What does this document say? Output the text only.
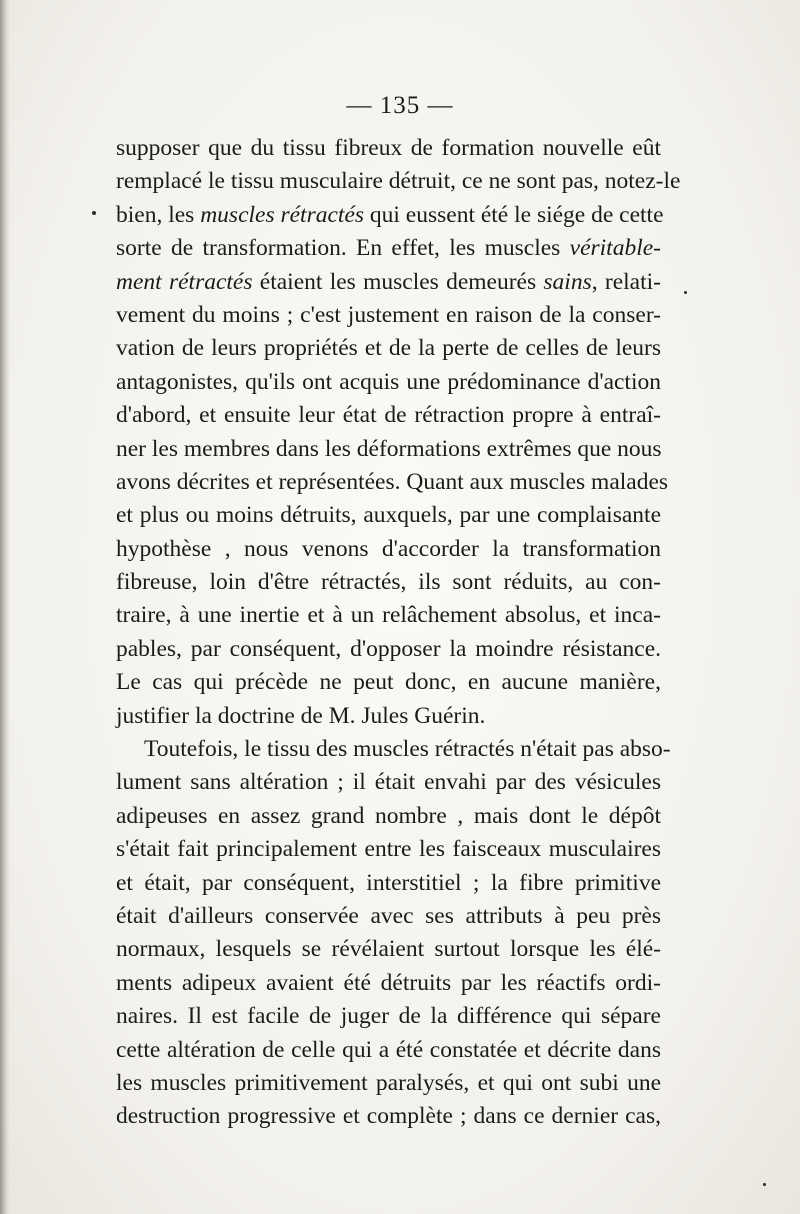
— 135 —
supposer que du tissu fibreux de formation nouvelle eût
remplacé le tissu musculaire détruit, ce ne sont pas, notez-le
bien, les muscles rétractés qui eussent été le siége de cette
sorte de transformation. En effet, les muscles véritable-
ment rétractés étaient les muscles demeurés sains, relati-
vement du moins ; c'est justement en raison de la conser-
vation de leurs propriétés et de la perte de celles de leurs
antagonistes, qu'ils ont acquis une prédominance d'action
d'abord, et ensuite leur état de rétraction propre à entraî-
ner les membres dans les déformations extrêmes que nous
avons décrites et représentées. Quant aux muscles malades
et plus ou moins détruits, auxquels, par une complaisante
hypothèse , nous venons d'accorder la transformation
fibreuse, loin d'être rétractés, ils sont réduits, au con-
traire, à une inertie et à un relâchement absolus, et inca-
pables, par conséquent, d'opposer la moindre résistance.
Le cas qui précède ne peut donc, en aucune manière,
justifier la doctrine de M. Jules Guérin.
Toutefois, le tissu des muscles rétractés n'était pas abso-
lument sans altération ; il était envahi par des vésicules
adipeuses en assez grand nombre , mais dont le dépôt
s'était fait principalement entre les faisceaux musculaires
et était, par conséquent, interstitiel ; la fibre primitive
était d'ailleurs conservée avec ses attributs à peu près
normaux, lesquels se révélaient surtout lorsque les élé-
ments adipeux avaient été détruits par les réactifs ordi-
naires. Il est facile de juger de la différence qui sépare
cette altération de celle qui a été constatée et décrite dans
les muscles primitivement paralysés, et qui ont subi une
destruction progressive et complète ; dans ce dernier cas,
